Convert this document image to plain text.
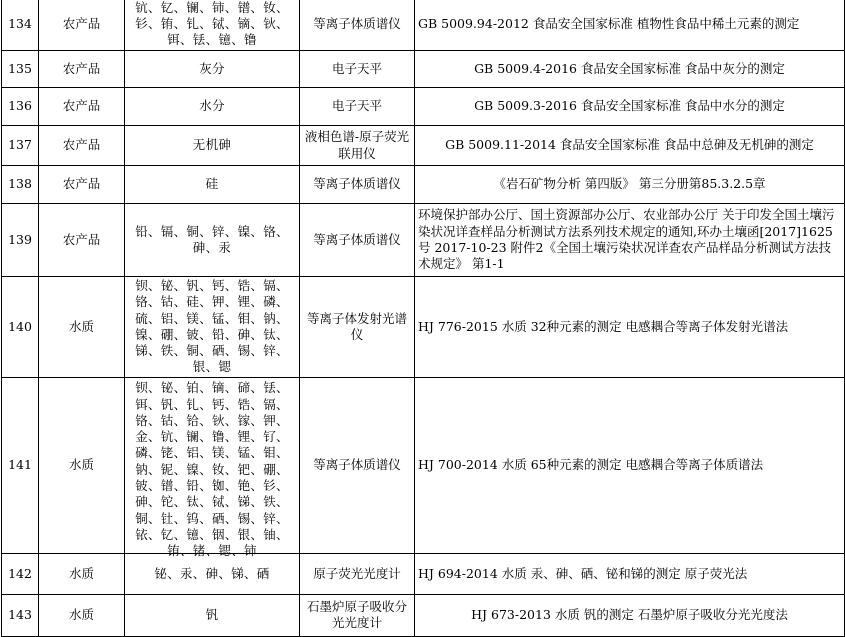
134	农产品	钪、钇、镧、铈、镨、钕、钐、铕、钆、铽、镝、钬、铒、铥、镱、镥	等离子体质谱仪	GB 5009.94-2012 食品安全国家标准 植物性食品中稀土元素的测定
135	农产品	灰分	电子天平	GB 5009.4-2016 食品安全国家标准 食品中灰分的测定
136	农产品	水分	电子天平	GB 5009.3-2016 食品安全国家标准 食品中水分的测定
137	农产品	无机砷	液相色谱-原子荧光联用仪	GB 5009.11-2014 食品安全国家标准 食品中总砷及无机砷的测定
138	农产品	硅	等离子体质谱仪	《岩石矿物分析 第四版》 第三分册第85.3.2.5章
139	农产品	铅、镉、铜、锌、镍、铬、砷、汞	等离子体质谱仪	环境保护部办公厅、国土资源部办公厅、农业部办公厅 关于印发全国土壤污染状况详查样品分析测试方法系列技术规定的通知,环办土壤函[2017]1625号 2017-10-23 附件2《全国土壤污染状况详查农产品样品分析测试方法技术规定》 第1-1
140	水质	钡、铋、钒、钙、锆、镉、铬、钴、硅、钾、锂、磷、硫、铝、镁、锰、钼、钠、镍、硼、铍、铅、砷、钛、锑、铁、铜、硒、锡、锌、银、锶	等离子体发射光谱仪	HJ 776-2015 水质 32种元素的测定 电感耦合等离子体发射光谱法
141	水质	钡、铋、铂、镝、碲、铥、铒、钒、钆、钙、锆、镉、铬、钴、铪、钬、镓、钾、金、钪、镧、镥、锂、钌、磷、铑、铝、镁、锰、钼、钠、铌、镍、钕、钯、硼、铍、镨、铅、铷、铯、钐、砷、铊、钛、铽、锑、铁、铜、钍、钨、硒、锡、锌、铱、钇、镱、铟、银、铀、铕、锗、锶、铈	等离子体质谱仪	HJ 700-2014 水质 65种元素的测定 电感耦合等离子体质谱法
142	水质	铋、汞、砷、锑、硒	原子荧光光度计	HJ 694-2014 水质 汞、砷、硒、铋和锑的测定 原子荧光法
143	水质	钒	石墨炉原子吸收分光光度计	HJ 673-2013 水质 钒的测定 石墨炉原子吸收分光光度法
